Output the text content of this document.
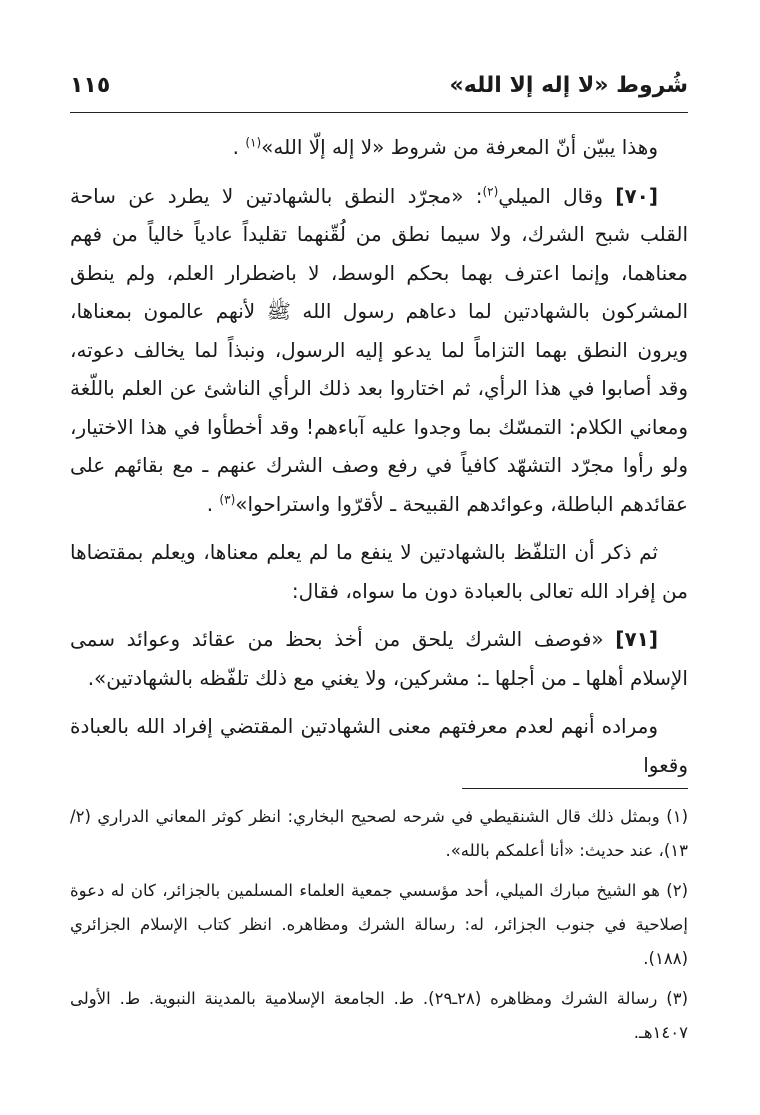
شُروط «لا إله إلا الله»
١١٥

وهذا يبيّن أنّ المعرفة من شروط «لا إله إلّا الله»$^{(١)}$ .

[٧٠] وقال الميلي$^{(٢)}$: «مجرّد النطق بالشهادتين لا يطرد عن ساحة القلب شبح الشرك، ولا سيما نطق من لُقّنهما تقليداً عادياً خالياً من فهم معناهما، وإنما اعترف بهما بحكم الوسط، لا باضطرار العلم، ولم ينطق المشركون بالشهادتين لما دعاهم رسول الله ﷺ لأنهم عالمون بمعناها، ويرون النطق بهما التزاماً لما يدعو إليه الرسول، ونبذاً لما يخالف دعوته، وقد أصابوا في هذا الرأي، ثم اختاروا بعد ذلك الرأي الناشئ عن العلم باللّغة ومعاني الكلام: التمسّك بما وجدوا عليه آباءهم! وقد أخطأوا في هذا الاختيار، ولو رأوا مجرّد التشهّد كافياً في رفع وصف الشرك عنهم ـ مع بقائهم على عقائدهم الباطلة، وعوائدهم القبيحة ـ لأقرّوا واستراحوا»$^{(٣)}$ .

ثم ذكر أن التلفّظ بالشهادتين لا ينفع ما لم يعلم معناها، ويعلم بمقتضاها من إفراد الله تعالى بالعبادة دون ما سواه، فقال:

[٧١] «فوصف الشرك يلحق من أخذ بحظ من عقائد وعوائد سمى الإسلام أهلها ـ من أجلها ـ: مشركين، ولا يغني مع ذلك تلفّظه بالشهادتين».

ومراده أنهم لعدم معرفتهم معنى الشهادتين المقتضي إفراد الله بالعبادة وقعوا

(١) وبمثل ذلك قال الشنقيطي في شرحه لصحيح البخاري: انظر كوثر المعاني الدراري (٢/ ١٣)، عند حديث: «أنا أعلمكم بالله».

(٢) هو الشيخ مبارك الميلي، أحد مؤسسي جمعية العلماء المسلمين بالجزائر، كان له دعوة إصلاحية في جنوب الجزائر، له: رسالة الشرك ومظاهره. انظر كتاب الإسلام الجزائري (١٨٨).

(٣) رسالة الشرك ومظاهره (٢٨ـ٢٩). ط. الجامعة الإسلامية بالمدينة النبوية. ط. الأولى ١٤٠٧هـ.
